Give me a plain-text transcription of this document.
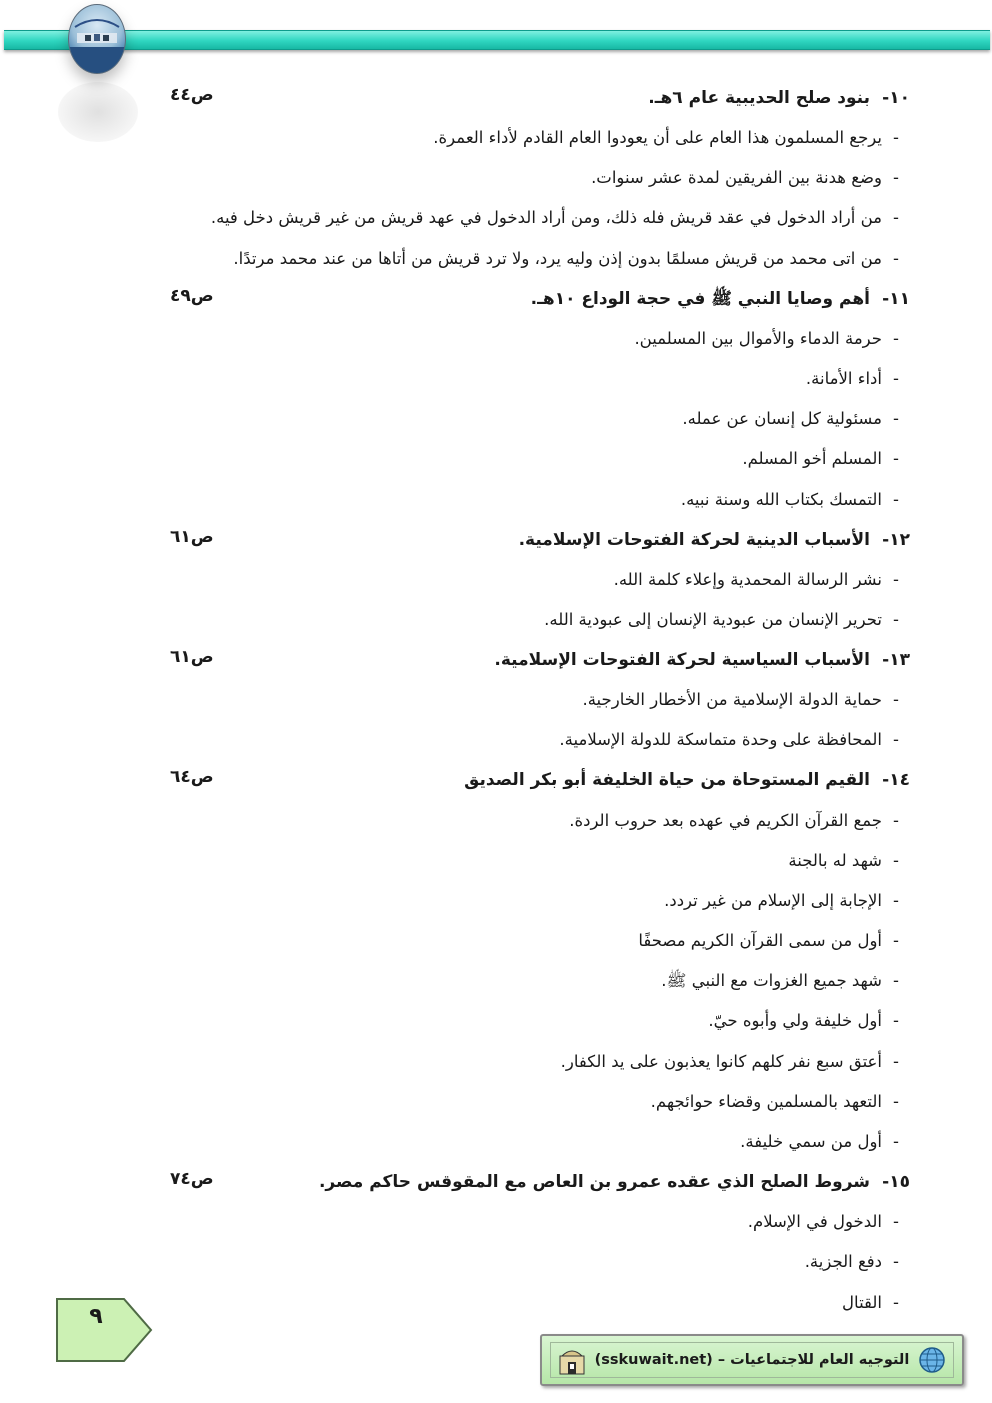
١٠-
بنود صلح الحديبية عام ٦هـ.
ص٤٤
-
يرجع المسلمون هذا العام على أن يعودوا العام القادم لأداء العمرة.
-
وضع هدنة بين الفريقين لمدة عشر سنوات.
-
من أراد الدخول في عقد قريش فله ذلك، ومن أراد الدخول في عهد قريش من غير قريش دخل فيه.
-
من اتى محمد من قريش مسلمًا بدون إذن وليه يرد، ولا ترد قريش من أتاها من عند محمد مرتدًا.
١١-
أهم وصايا النبي ﷺ في حجة الوداع ١٠هـ.
ص٤٩
-
حرمة الدماء والأموال بين المسلمين.
-
أداء الأمانة.
-
مسئولية كل إنسان عن عمله.
-
المسلم أخو المسلم.
-
التمسك بكتاب الله وسنة نبيه.
١٢-
الأسباب الدينية لحركة الفتوحات الإسلامية.
ص٦١
-
نشر الرسالة المحمدية وإعلاء كلمة الله.
-
تحرير الإنسان من عبودية الإنسان إلى عبودية الله.
١٣-
الأسباب السياسية لحركة الفتوحات الإسلامية.
ص٦١
-
حماية الدولة الإسلامية من الأخطار الخارجية.
-
المحافظة على وحدة متماسكة للدولة الإسلامية.
١٤-
القيم المستوحاة من حياة الخليفة أبو بكر الصديق
ص٦٤
-
جمع القرآن الكريم في عهده بعد حروب الردة.
-
شهد له بالجنة
-
الإجابة إلى الإسلام من غير تردد.
-
أول من سمى القرآن الكريم مصحفًا
-
شهد جميع الغزوات مع النبي ﷺ.
-
أول خليفة ولي وأبوه حيّ.
-
أعتق سبع نفر كلهم كانوا يعذبون على يد الكفار.
-
التعهد بالمسلمين وقضاء حوائجهم.
-
أول من سمي خليفة.
١٥-
شروط الصلح الذي عقده عمرو بن العاص مع المقوقس حاكم مصر.
ص٧٤
-
الدخول في الإسلام.
-
دفع الجزية.
-
القتال
٩
(sskuwait.net) – التوجيه العام للاجتماعيات
